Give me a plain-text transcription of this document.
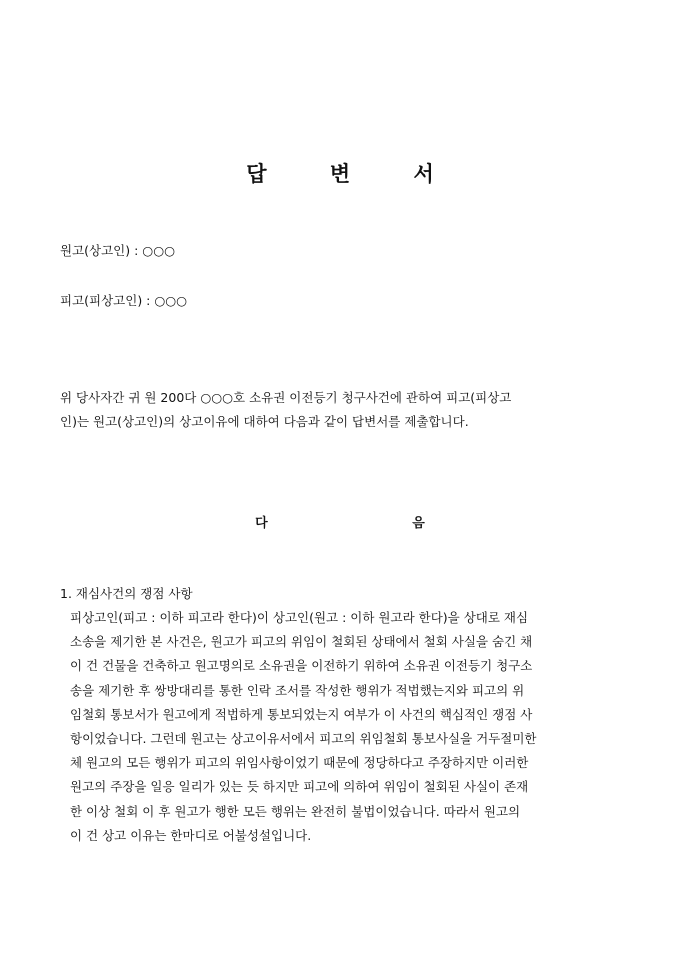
답 변 서
원고(상고인) : ○○○
피고(피상고인) : ○○○
위 당사자간 귀 원 200다 ○○○호 소유권 이전등기 청구사건에 관하여 피고(피상고
인)는 원고(상고인)의 상고이유에 대하여 다음과 같이 답변서를 제출합니다.
다 음
1. 재심사건의 쟁점 사항
피상고인(피고 : 이하 피고라 한다)이 상고인(원고 : 이하 원고라 한다)을 상대로 재심
소송을 제기한 본 사건은, 원고가 피고의 위임이 철회된 상태에서 철회 사실을 숨긴 채
이 건 건물을 건축하고 원고명의로 소유권을 이전하기 위하여 소유권 이전등기 청구소
송을 제기한 후 쌍방대리를 통한 인락 조서를 작성한 행위가 적법했는지와 피고의 위
임철회 통보서가 원고에게 적법하게 통보되었는지 여부가 이 사건의 핵심적인 쟁점 사
항이었습니다. 그런데 원고는 상고이유서에서 피고의 위임철회 통보사실을 거두절미한
체 원고의 모든 행위가 피고의 위임사항이었기 때문에 정당하다고 주장하지만 이러한
원고의 주장을 일응 일리가 있는 듯 하지만 피고에 의하여 위임이 철회된 사실이 존재
한 이상 철회 이 후 원고가 행한 모든 행위는 완전히 불법이었습니다. 따라서 원고의
이 건 상고 이유는 한마디로 어불성설입니다.
